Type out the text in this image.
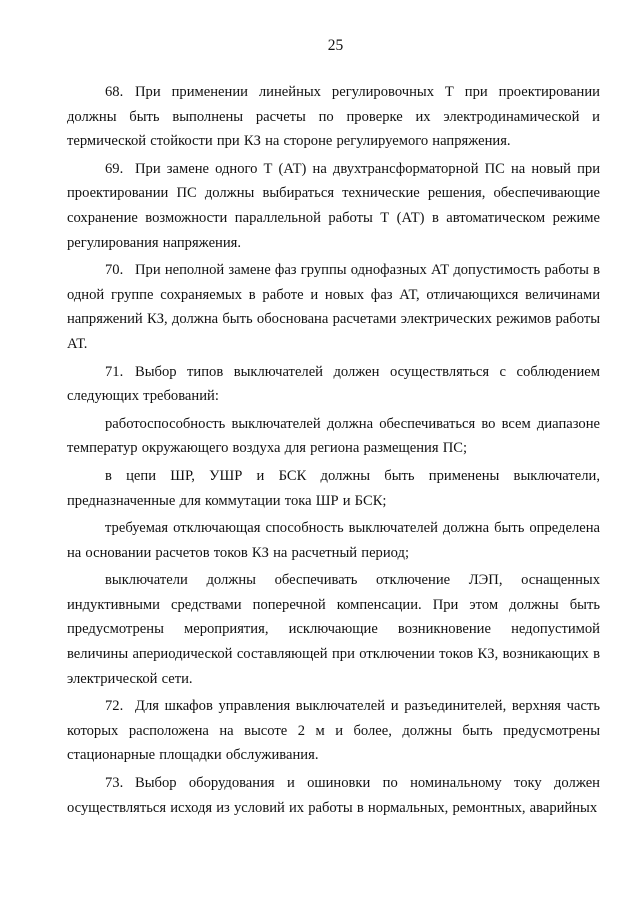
25

68. При применении линейных регулировочных Т при проектировании должны быть выполнены расчеты по проверке их электродинамической и термической стойкости при КЗ на стороне регулируемого напряжения.

69. При замене одного Т (АТ) на двухтрансформаторной ПС на новый при проектировании ПС должны выбираться технические решения, обеспечивающие сохранение возможности параллельной работы Т (АТ) в автоматическом режиме регулирования напряжения.

70. При неполной замене фаз группы однофазных АТ допустимость работы в одной группе сохраняемых в работе и новых фаз АТ, отличающихся величинами напряжений КЗ, должна быть обоснована расчетами электрических режимов работы АТ.

71. Выбор типов выключателей должен осуществляться с соблюдением следующих требований:

работоспособность выключателей должна обеспечиваться во всем диапазоне температур окружающего воздуха для региона размещения ПС;

в цепи ШР, УШР и БСК должны быть применены выключатели, предназначенные для коммутации тока ШР и БСК;

требуемая отключающая способность выключателей должна быть определена на основании расчетов токов КЗ на расчетный период;

выключатели должны обеспечивать отключение ЛЭП, оснащенных индуктивными средствами поперечной компенсации. При этом должны быть предусмотрены мероприятия, исключающие возникновение недопустимой величины апериодической составляющей при отключении токов КЗ, возникающих в электрической сети.

72. Для шкафов управления выключателей и разъединителей, верхняя часть которых расположена на высоте 2 м и более, должны быть предусмотрены стационарные площадки обслуживания.

73. Выбор оборудования и ошиновки по номинальному току должен осуществляться исходя из условий их работы в нормальных, ремонтных, аварийных
